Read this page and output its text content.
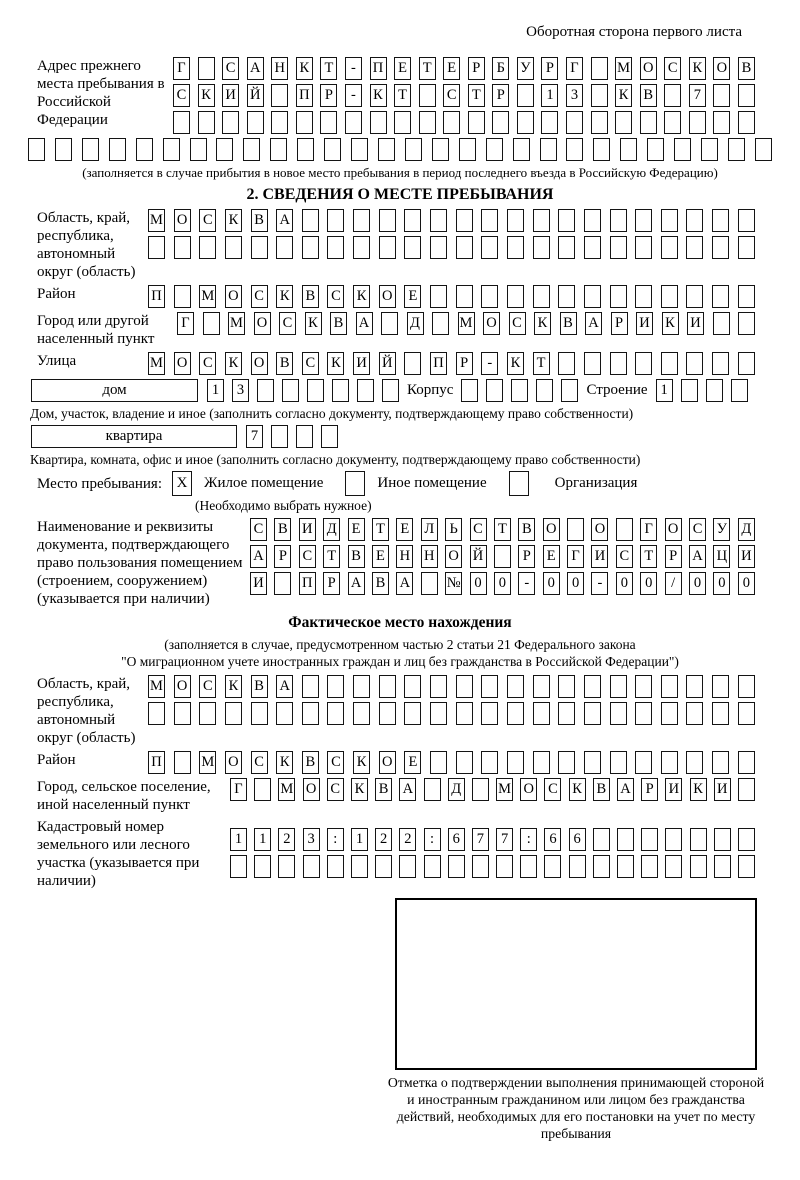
Оборотная сторона первого листа
Адрес прежнего места пребывания в Российской Федерации
Г	С А Н К Т	-	П Е Т Е	Р	Б У	Р	Г	М О С К О В
С К И Й	П	Р	-	К Т	С Т	Р	1	3	К В	7
(заполняется в случае прибытия в новое место пребывания в период последнего въезда в Российскую Федерацию)
2. СВЕДЕНИЯ О МЕСТЕ ПРЕБЫВАНИЯ
Область, край, республика, автономный округ (область)
М О С К В А
Район	П	М О С К В С К О Е
Город или другой населенный пункт
Г	М О С К В А	Д	М О С К В А	Р	И К И
Улица	М О С К О В С К И Й	П	Р	-	К Т
дом	1	3	Корпус	Строение 1
Дом, участок, владение и иное (заполнить согласно документу, подтверждающему право собственности)
квартира	7
Квартира, комната, офис и иное (заполнить согласно документу, подтверждающему право собственности)
Место пребывания: X	Жилое помещение	Иное помещение	Организация
(Необходимо выбрать нужное)
Наименование и реквизиты документа, подтверждающего право пользования помещением (строением, сооружением) (указывается при наличии)
С В И Д Е Т Е Л Ь С Т В О	О	Г О С У Д
А	Р	С Т В Е Н Н О Й	Р	Е Г И С Т	Р	А Ц И
И	П	Р	А В А	№ 0	0	-	0	0	-	0	0	/	0	0	0
Фактическое место нахождения
(заполняется в случае, предусмотренном частью 2 статьи 21 Федерального закона
"О миграционном учете иностранных граждан и лиц без гражданства в Российской Федерации")
Область, край, республика, автономный округ (область)
М О С К В А
Район	П	М О С К В С К О Е
Город, сельское поселение, иной населенный пункт
Г	М О С К В А	Д	М О С К В А	Р	И К И
Кадастровый номер земельного или лесного участка (указывается при наличии)
1	1	2	3	:	1	2	2	:	6	7	7	:	6	6
Отметка о подтверждении выполнения принимающей стороной и иностранным гражданином или лицом без гражданства действий, необходимых для его постановки на учет по месту пребывания
